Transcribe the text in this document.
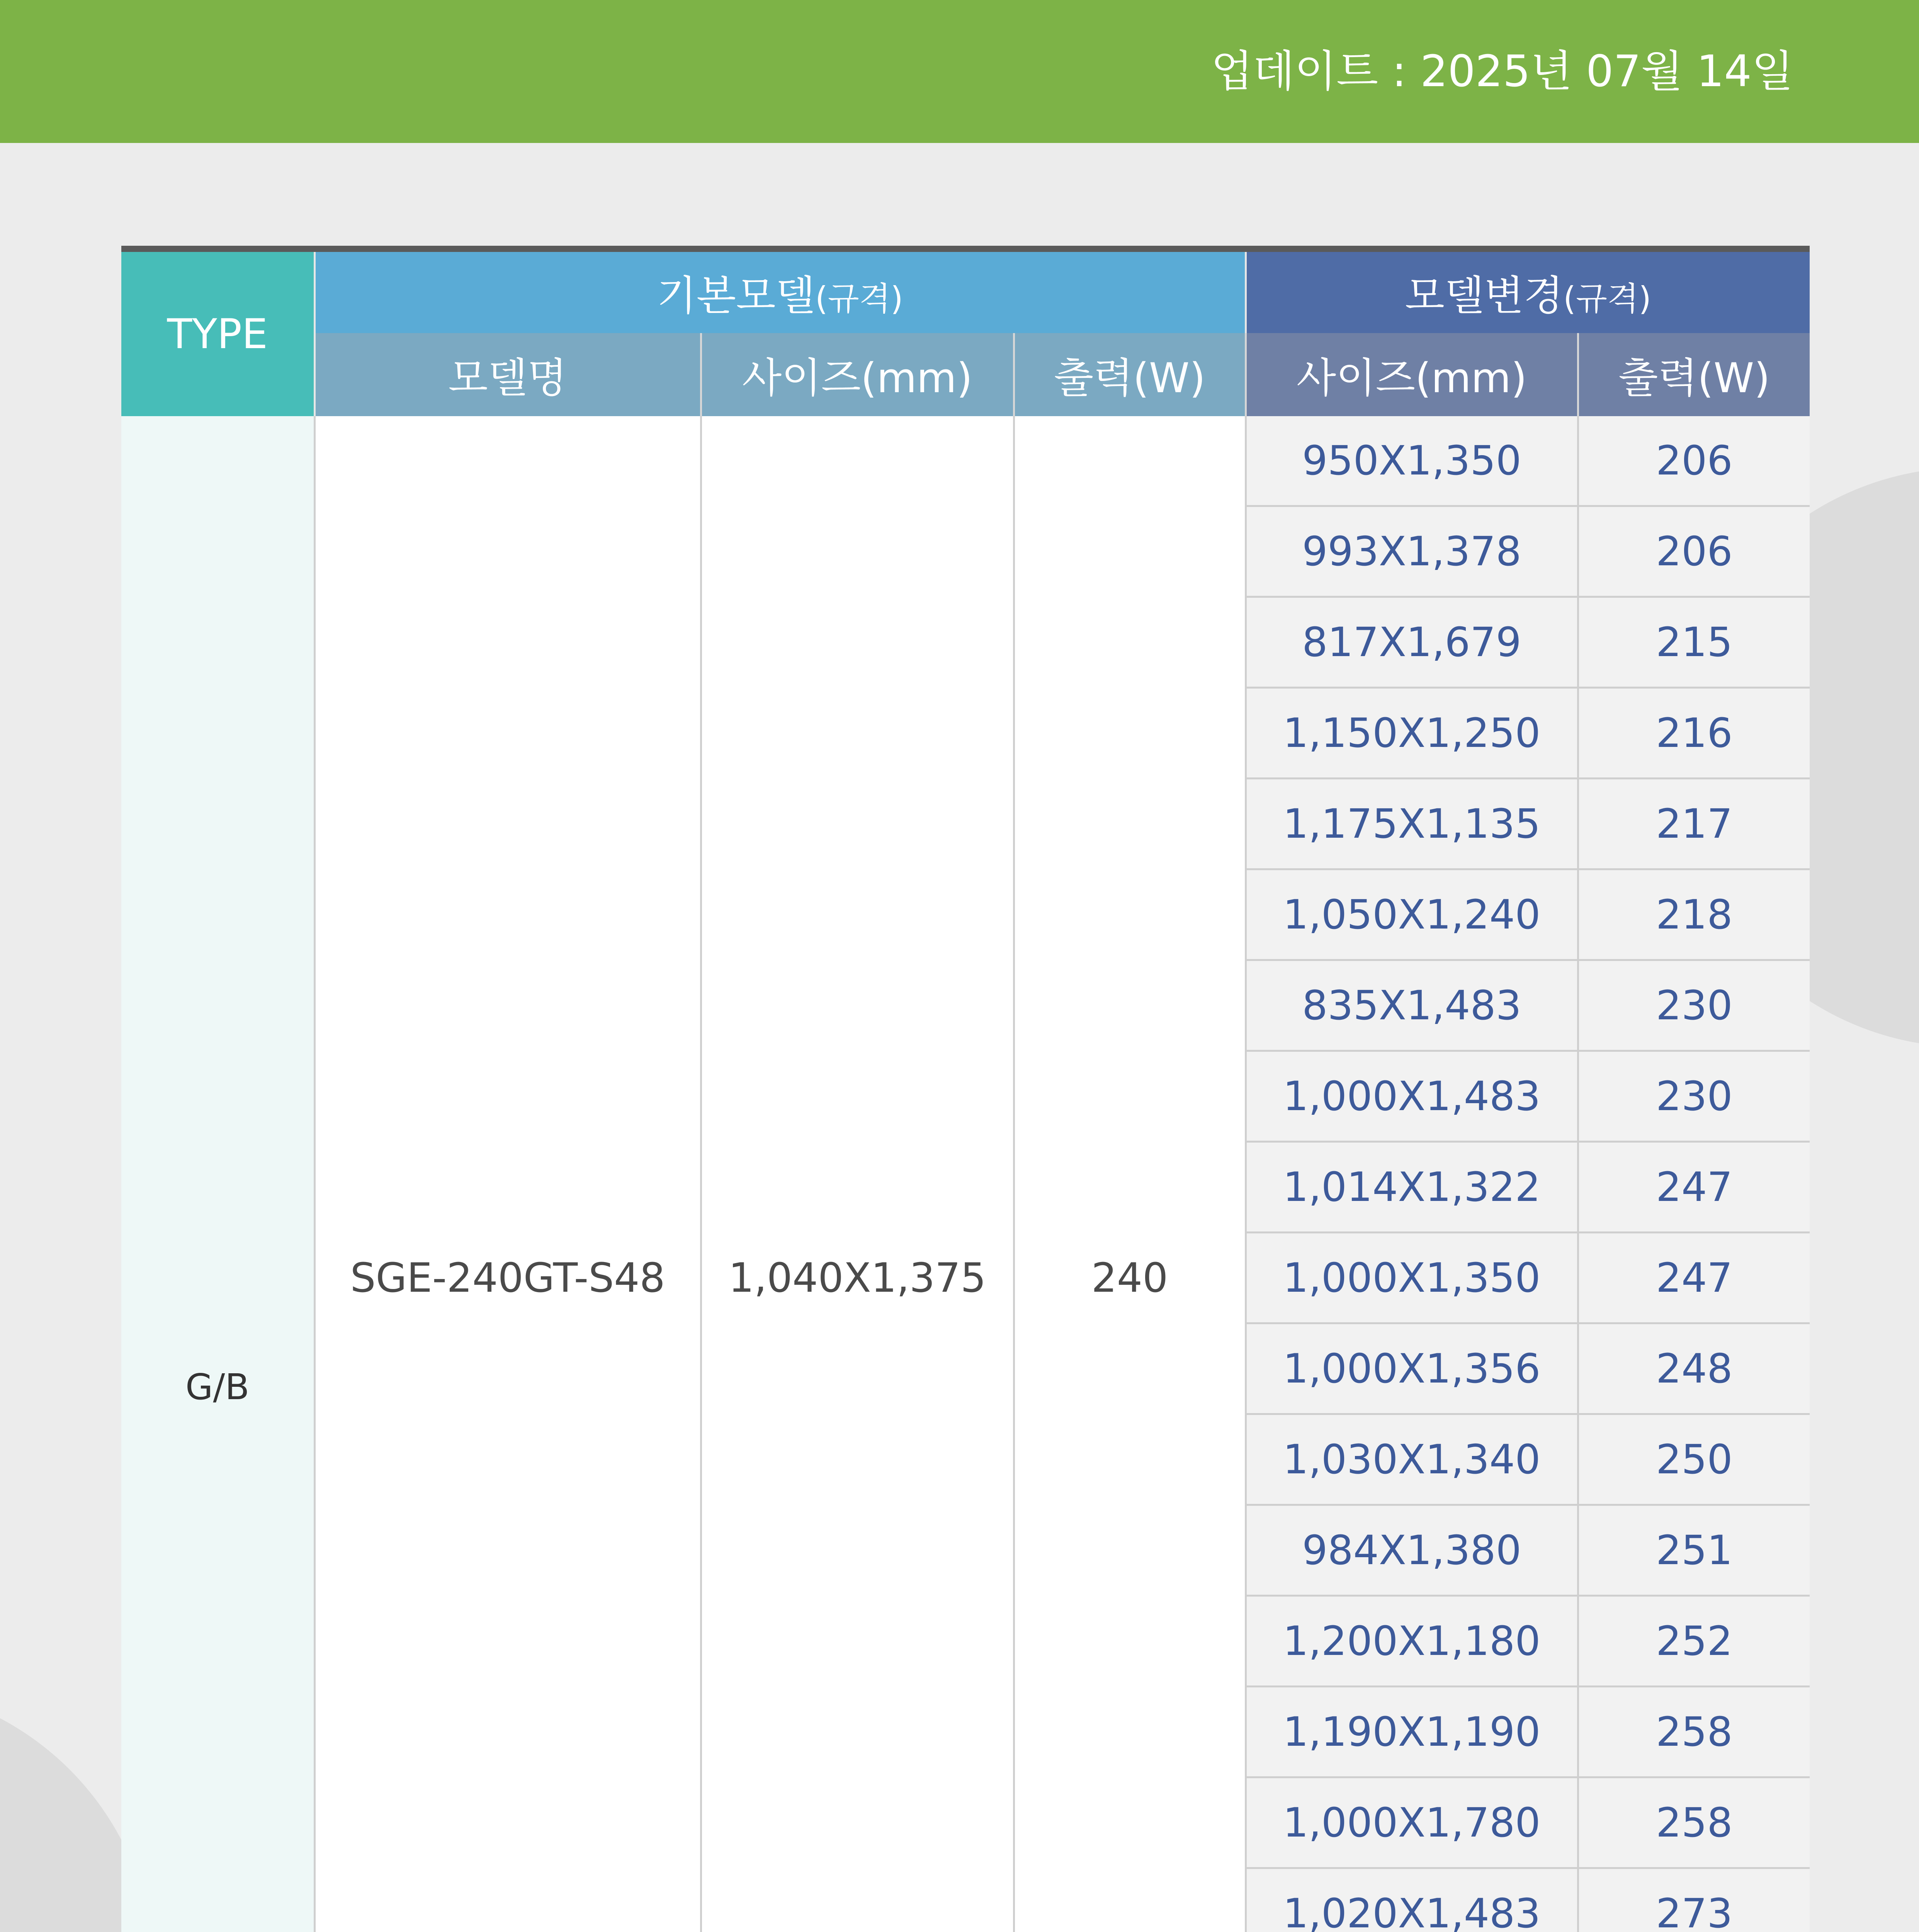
업데이트 : 2025년 07월 14일
TYPE	기본모델(규격)			모델변경(규격)	
	모델명	사이즈(mm)	출력(W)	사이즈(mm)	출력(W)
G/B	SGE-240GT-S48	1,040X1,375	240	950X1,350	206
				993X1,378	206
				817X1,679	215
				1,150X1,250	216
				1,175X1,135	217
				1,050X1,240	218
				835X1,483	230
				1,000X1,483	230
				1,014X1,322	247
				1,000X1,350	247
				1,000X1,356	248
				1,030X1,340	250
				984X1,380	251
				1,200X1,180	252
				1,190X1,190	258
				1,000X1,780	258
				1,020X1,483	273
